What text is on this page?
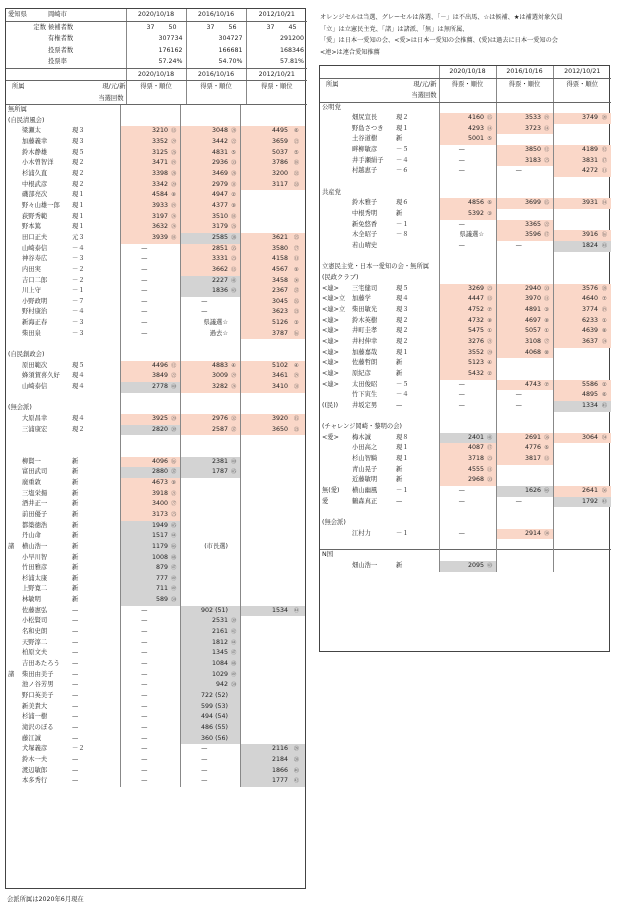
オレンジセルは当選、グレーセルは落選、「－」は不出馬、☆は候補、★は補選対象欠員
「立」は立憲民主党、「諸」は諸派、「無」は無所属、
「愛」は日本一愛知の会、<愛>は日本一愛知の会推薦、(愛)は過去に日本一愛知の会
<連>は連合愛知推薦
愛知県	岡崎市	2020/10/18	2016/10/16	2012/10/21
定数	候補者数	37 50	37 56	37 45
	有権者数	307734	304727	291200
	投票者数	176162	166681	168346
	投票率	57.24%	54.70%	57.81%
		2020/10/18	2016/10/16	2012/10/21
所属	現/元/新	得票・順位	得票・順位	得票・順位
	当選回数			
無所属								
(自民清風会)								
	梁瀬太	現３	3210	⑬	3048	㉘	4495	⑥
	加藤義幸	現３	3352	㉙	3442	㉒	3659	㉒
	鈴木静雄	現５	3125	㉖	4831	⑤	5037	⑤
	小木曽智洋	現２	3471	⑲	2936	㉝	3786	⑱
	杉浦久直	現２	3398	㉘	3469	㉘	3200	㉜
	中根武彦	現２	3342	⑳	2979	㉛	3117	㉝
	磯部亮次	現１	4584	⑧	4947	②		
	野々山雄一郎	現１	3933	⑲	4377	⑨		
	荻野秀範	現１	3197	㉔	3510	⑱		
	野本篤	現１	3632	㉔	3179	㉖		
	田口正夫	元３	3939	⑱	2585	㊳	3621	㉕
	山崎泰信	－４	—		2851	㉟	3580	㉗
	神谷寿広	－３	—		3331	㉓	4158	⑬
	内田実	－２	—		3662	⑬	4567	⑨
	吉口二郎	－２	—		2227	㊶	3458	㉚
	川上守	－１	—		1836	㊸	2367	㊲
	小野政明	－７	—		—		3045	㉟
	野村康治	－４	—		—		3623	㉓
	新海正春	－３	—		県議選☆		5126	③
	柴田泉	－３	—		過去☆		3787	⑯

(自民創政会)								
	原田範次	現５	4496	⑫	4883	④	5102	④
	蜂須賀喜久好	現４	3849	㉒	3009	㉙	3461	㉙
	山崎泰信	現４	2778	㊵	3282	㉔	3410	㉛

(無会派)								
	大原昌幸	現４	3925	⑳	2976	㉜	3920	⑮
	三浦康宏	現２	2820	㊴	2587	㊲	3650	㉓

	柳賢一	新	4096	⑯	2381	㊵		
	富田武司	新	2880	㊲	1787	㊺		
	廣重敦	新	4673	⑨				
	三塩栄揚	新	3918	㉑				
	酒井正一	新	3400	㉗				
	前田優子	新	3173	㉕				
	都築徳浩	新	1949	㊺				
	丹山命	新	1517	㊹				
諸	横山浩一	新	1179	㊻	(市長選)			
	小早川智	新	1008	㊽				
	竹田雅彦	新	879	㊼				
	杉浦太康	新	777	㊾				
	上野寛二	新	711	㊾				
	林敏明	新	589	㊿				
	佐藤憲弘	—	—		902 (51)		1534	㊹
	小松賢司	—	—		2531	㊴		
	名和史朗	—	—		2161	㊷		
	天野淳二	—	—		1812	㊹		
	柏原文夫	—	—		1345	㊼		
	吉田あたろう	—	—		1084	㊽		
諸	柴田由美子	—	—		1029	㊾		
	池ノ谷芳男	—	—		942	㊿		
	野口英美子	—	—		722 (52)			
	新美貴大	—	—		599 (53)			
	杉浦一樹	—	—		494 (54)			
	滝沢のぼる	—	—		486 (55)			
	藤江誠	—	—		360 (56)			
	犬塚義彦	－２	—		—		2116	㊴
	鈴木一夫	—	—		—		2184	㊳
	渡辺敏郎	—	—		—		1866	㊵
	本多秀行	—	—		—		1777	㊷
		2020/10/18	2016/10/16	2012/10/21
所属	現/元/新	得票・順位	得票・順位	得票・順位
	当選回数			
公明党								
	畑尻宣長	現２	4160	⑮	3533	⑲	3749	⑳
	野島さつき	現１	4293	⑭	3723	⑭		
	土谷道樹	新	5001	⑤				
	畔柳敏彦	－５	—		3850	⑫	4189	⑫
	井手瀬絹子	－４	—		3183	㉕	3831	⑰
	村越恵子	－６	—		—		4272	⑪

共産党								
	鈴木雅子	現６	4856	⑥	3699	⑮	3931	⑭
	中根秀明	新	5392	③				
	新免悠香	－１	—		3365	㉒		
	木全昭子	－８	県議選☆		3596	⑰	3916	⑯
	若山晴史		—		—		1824	㊶

立憲民主党・日本一愛知の会・無所属								
(民政クラブ)								
<連>	三宅健司	現５	3269	㉓	2940	㉝	3576	㉘
<連>立	加藤学	現４	4447	⑬	3970	⑪	4640	⑦
<連>立	柴田敏光	現３	4752	⑦	4891	③	3774	⑲
<連>	鈴木英樹	現２	4732	⑧	4697	⑧	6233	①
<連>	井町圭孝	現２	5475	①	5057	①	4639	⑧
<連>	井村伸幸	現２	3276	㉑	3108	㉗	3637	㉔
<連>	加藤嘉哉	現１	3552	⑳	4068	⑩		
<連>	佐藤哲朗	新	5123	④				
<連>	原紀彦	新	5432	②				
<連>	太田俊昭	－５	—		4743	⑦	5586	②
	竹下寅生	－４	—		—		4895	⑥
((民))	井坂定男	—	—		—		1334	㊺

(チャレンジ岡崎・黎明の会)								
<愛>	梅木誠	現８	2401	㊶	2691	㊱	3064	㉞
	小田高之	現１	4087	⑰	4776	⑥		
	杉山智騎	現１	3718	㉓	3817	⑬		
	青山晃子	新	4555	⑪				
	近藤敏明	新	2968	㉝				
無(愛)	横山幽風	－１	—		1626	㊻	2641	㊱
愛	鶴森真正	—	—		—		1792	㊸

(無会派)								
	江村力	－１	—		2914	㉞		

N国								
	畑山浩一	新	2095	㊸				
会派所属は2020年6月現在
